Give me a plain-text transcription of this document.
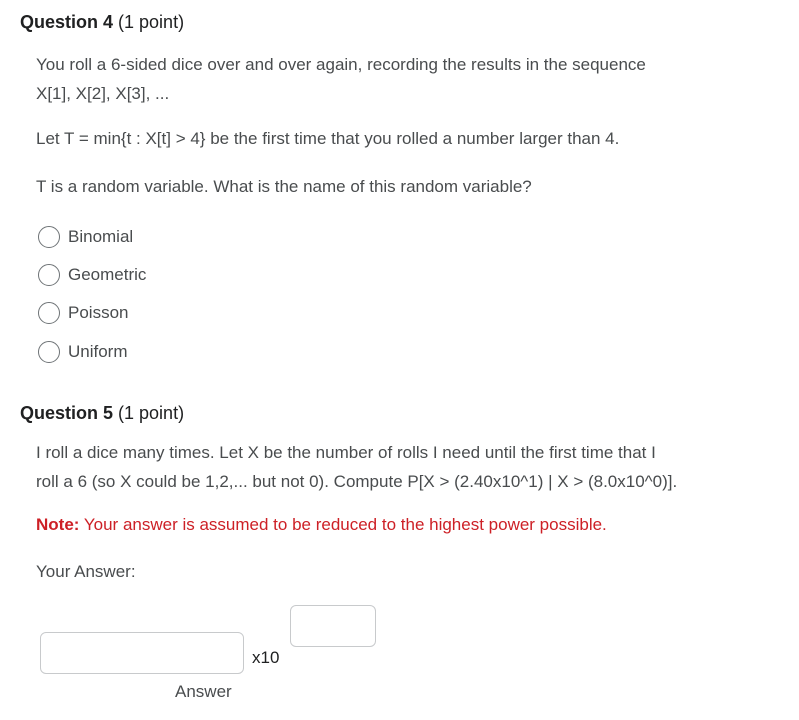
Question 4 (1 point)
You roll a 6-sided dice over and over again, recording the results in the sequence
X[1], X[2], X[3], ...
Let T = min{t : X[t] > 4} be the first time that you rolled a number larger than 4.
T is a random variable. What is the name of this random variable?
Binomial
Geometric
Poisson
Uniform
Question 5 (1 point)
I roll a dice many times. Let X be the number of rolls I need until the first time that I
roll a 6 (so X could be 1,2,... but not 0). Compute P[X > (2.40x10^1) | X > (8.0x10^0)].
Note: Your answer is assumed to be reduced to the highest power possible.
Your Answer:
x10
Answer
